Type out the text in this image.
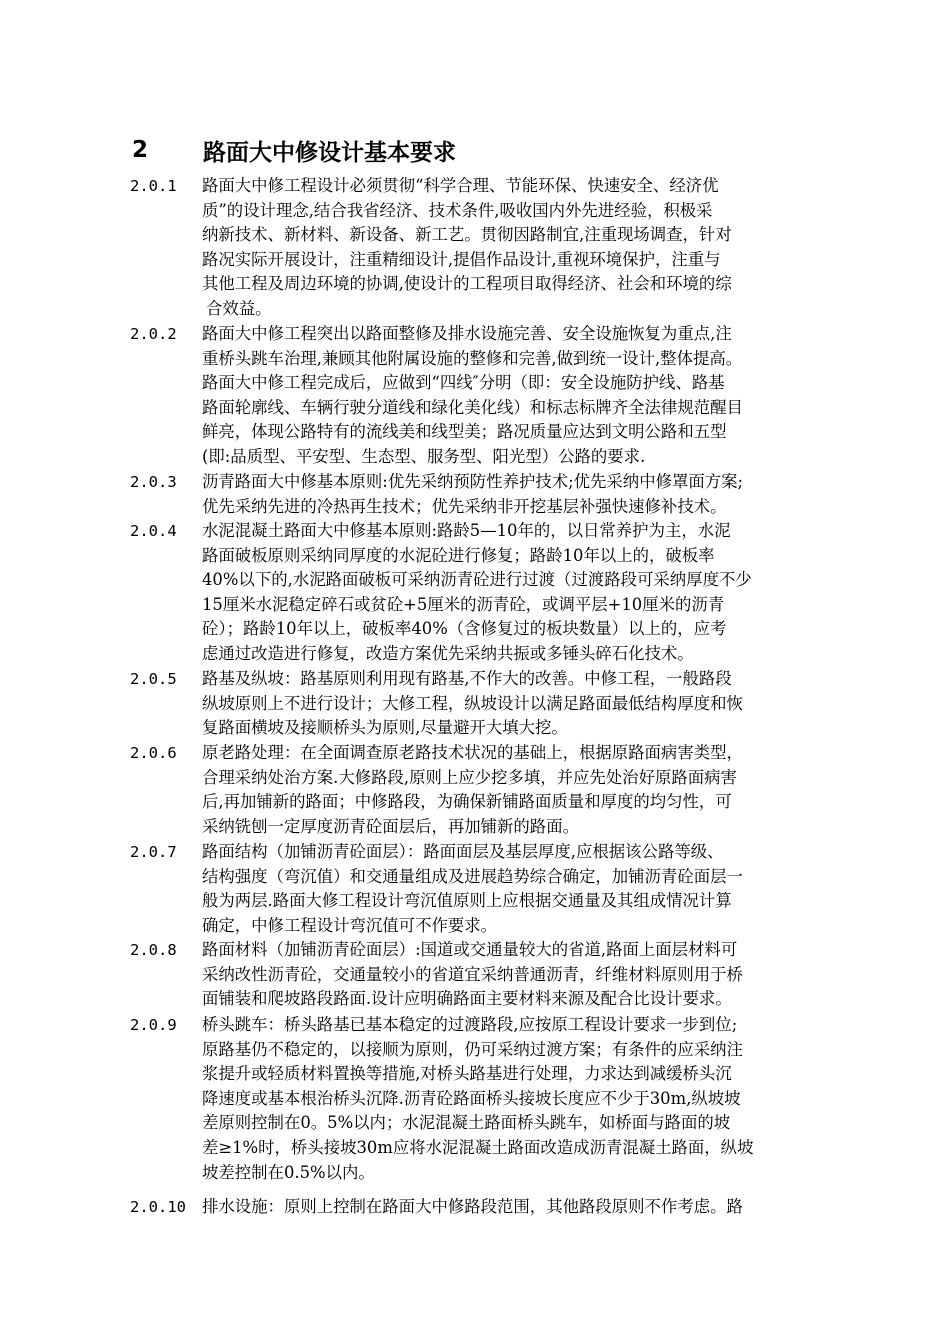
2	路面大中修设计基本要求
2.0.1 路面大中修工程设计必须贯彻“科学合理、节能环保、快速安全、经济优
质”的设计理念,结合我省经济、技术条件,吸收国内外先进经验，积极采
纳新技术、新材料、新设备、新工艺。贯彻因路制宜,注重现场调查，针对
路况实际开展设计，注重精细设计,提倡作品设计,重视环境保护，注重与
其他工程及周边环境的协调,使设计的工程项目取得经济、社会和环境的综
合效益。
2.0.2 路面大中修工程突出以路面整修及排水设施完善、安全设施恢复为重点,注
重桥头跳车治理,兼顾其他附属设施的整修和完善,做到统一设计,整体提高。
路面大中修工程完成后，应做到“四线″分明（即：安全设施防护线、路基
路面轮廓线、车辆行驶分道线和绿化美化线）和标志标牌齐全法律规范醒目
鲜亮，体现公路特有的流线美和线型美；路况质量应达到文明公路和五型
(即:品质型、平安型、生态型、服务型、阳光型）公路的要求.
2.0.3 沥青路面大中修基本原则:优先采纳预防性养护技术;优先采纳中修罩面方案;
优先采纳先进的冷热再生技术；优先采纳非开挖基层补强快速修补技术。
2.0.4 水泥混凝土路面大中修基本原则:路龄5—10年的，以日常养护为主，水泥
路面破板原则采纳同厚度的水泥砼进行修复；路龄10年以上的，破板率
40%以下的,水泥路面破板可采纳沥青砼进行过渡（过渡路段可采纳厚度不少
15厘米水泥稳定碎石或贫砼+5厘米的沥青砼，或调平层+10厘米的沥青
砼）；路龄10年以上，破板率40%（含修复过的板块数量）以上的，应考
虑通过改造进行修复，改造方案优先采纳共振或多锤头碎石化技术。
2.0.5 路基及纵坡：路基原则利用现有路基,不作大的改善。中修工程，一般路段
纵坡原则上不进行设计；大修工程，纵坡设计以满足路面最低结构厚度和恢
复路面横坡及接顺桥头为原则,尽量避开大填大挖。
2.0.6 原老路处理：在全面调查原老路技术状况的基础上，根据原路面病害类型，
合理采纳处治方案.大修路段,原则上应少挖多填，并应先处治好原路面病害
后,再加铺新的路面；中修路段，为确保新铺路面质量和厚度的均匀性，可
采纳铣刨一定厚度沥青砼面层后，再加铺新的路面。
2.0.7 路面结构（加铺沥青砼面层）：路面面层及基层厚度,应根据该公路等级、
结构强度（弯沉值）和交通量组成及进展趋势综合确定，加铺沥青砼面层一
般为两层.路面大修工程设计弯沉值原则上应根据交通量及其组成情况计算
确定，中修工程设计弯沉值可不作要求。
2.0.8 路面材料（加铺沥青砼面层）:国道或交通量较大的省道,路面上面层材料可
采纳改性沥青砼，交通量较小的省道宜采纳普通沥青，纤维材料原则用于桥
面铺装和爬坡路段路面.设计应明确路面主要材料来源及配合比设计要求。
2.0.9 桥头跳车：桥头路基已基本稳定的过渡路段,应按原工程设计要求一步到位;
原路基仍不稳定的，以接顺为原则，仍可采纳过渡方案；有条件的应采纳注
浆提升或轻质材料置换等措施,对桥头路基进行处理，力求达到减缓桥头沉
降速度或基本根治桥头沉降.沥青砼路面桥头接坡长度应不少于30m,纵坡坡
差原则控制在0。5%以内；水泥混凝土路面桥头跳车，如桥面与路面的坡
差≥1%时，桥头接坡30m应将水泥混凝土路面改造成沥青混凝土路面，纵坡
坡差控制在0.5%以内。
2.0.10 排水设施：原则上控制在路面大中修路段范围，其他路段原则不作考虑。路
